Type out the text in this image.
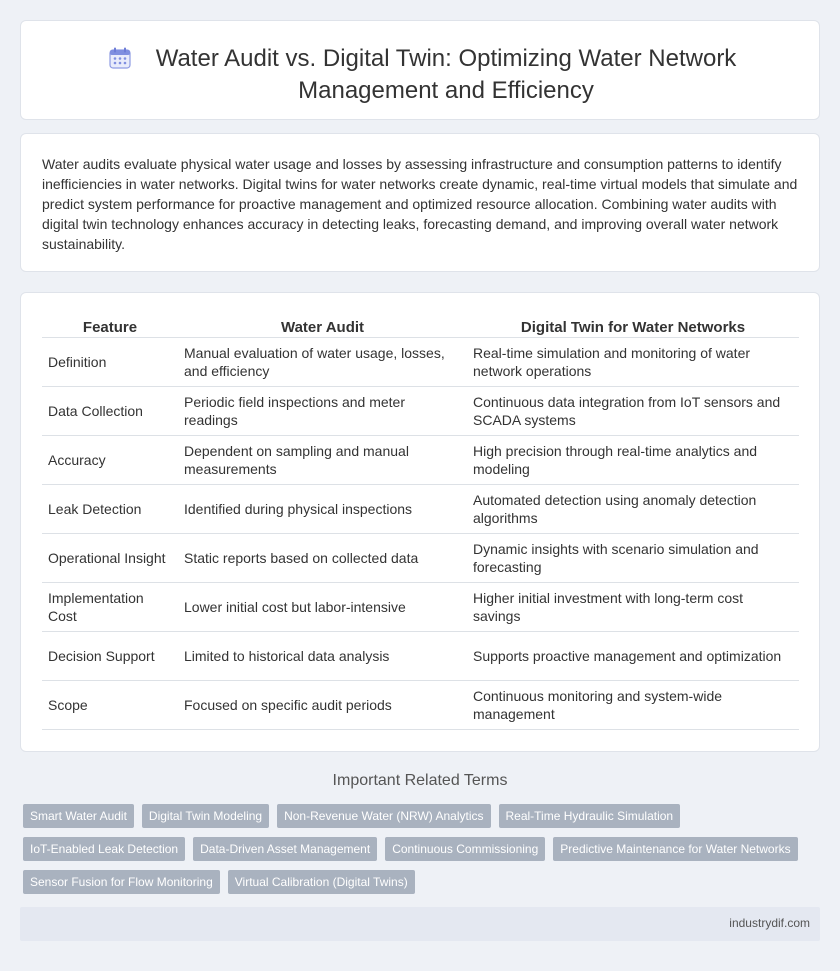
Water Audit vs. Digital Twin: Optimizing Water Network Management and Efficiency

Water audits evaluate physical water usage and losses by assessing infrastructure and consumption patterns to identify inefficiencies in water networks. Digital twins for water networks create dynamic, real-time virtual models that simulate and predict system performance for proactive management and optimized resource allocation. Combining water audits with digital twin technology enhances accuracy in detecting leaks, forecasting demand, and improving overall water network sustainability.

Feature	Water Audit	Digital Twin for Water Networks
Definition	Manual evaluation of water usage, losses, and efficiency	Real-time simulation and monitoring of water network operations
Data Collection	Periodic field inspections and meter readings	Continuous data integration from IoT sensors and SCADA systems
Accuracy	Dependent on sampling and manual measurements	High precision through real-time analytics and modeling
Leak Detection	Identified during physical inspections	Automated detection using anomaly detection algorithms
Operational Insight	Static reports based on collected data	Dynamic insights with scenario simulation and forecasting
Implementation Cost	Lower initial cost but labor-intensive	Higher initial investment with long-term cost savings
Decision Support	Limited to historical data analysis	Supports proactive management and optimization
Scope	Focused on specific audit periods	Continuous monitoring and system-wide management
Important Related Terms
Smart Water Audit	Digital Twin Modeling	Non-Revenue Water (NRW) Analytics	Real-Time Hydraulic Simulation
IoT-Enabled Leak Detection	Data-Driven Asset Management	Continuous Commissioning	Predictive Maintenance for Water Networks
Sensor Fusion for Flow Monitoring	Virtual Calibration (Digital Twins)
industrydif.com
